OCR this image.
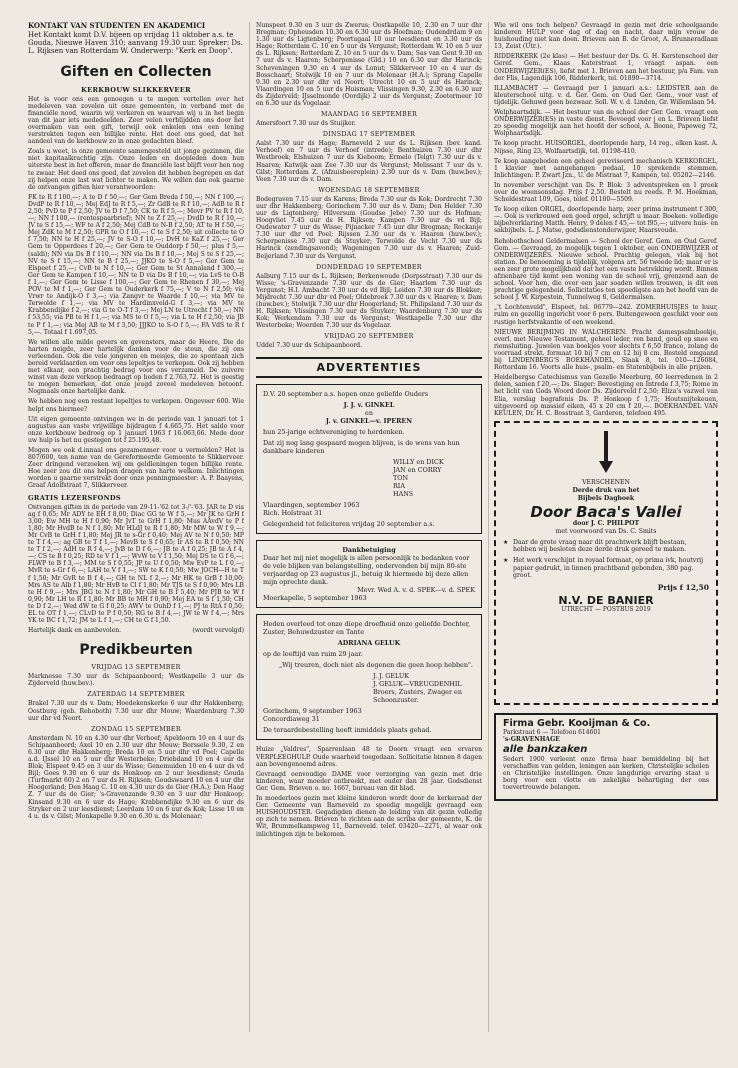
KONTAKT VAN STUDENTEN EN AKADEMICI

Het Kontakt komt D.V. bijeen op vrijdag 11 oktober a.s. te Gouda, Nieuwe Haven 310; aanvang 19.30 uur. Spreker: Ds. L. Rijksen van Rotterdam W. Onderwerp: "Kerk en Doop".

Giften en Collecten
KERKBOUW SLIKKERVEER

Het is voor ons een genoegen u te mogen vertellen over het medeleven van zovelen uit onze gemeenten, in verband met de financiële nood, waarin wij verkeren en waarvan wij u in het begin van dit jaar iets mededeelden. Zeer velen verblijdden ons door het overmaken van een gift, terwijl ook enkelen ons een lening verstrekten tegen een billijke rente. Het doet ons goed, dat het aandeel van de kerkbouw zo in onze gedachten bleef.

Zoals u weet, is onze gemeente samengesteld uit jonge gezinnen, die niet kapitaalkrachtig zijn. Onze leden en doopleden doen hun uiterste best in het offeren, maar de financiële last blijft voor hen nog te zwaar. Het deed ons goed, dat zovelen dit hebben begrepen en dat zij helpen onze last wat lichter te maken. We willen dan ook gaarne de ontvangen giften hier verantwoorden:

FK te R f 100,—; A te D f 50,—; Ger Gem Breda f 50,—; NN f 100,—; DvdP te R f 10,—; Mej EdJ te R f 5,—; Zr GdB te R f 10,—; AdB te R f 2,50; PvD te P f 2,50; JV te D f 7,50; CK te R f 5,—; Mevr PV te R f 10,—; NN f 100,— (rentespaarbrief); NN te Z f 25,—; DvdD te R f 10,—; JV te S f 15,—; WF te A f 2,50; Mej CdB te N-B f 2,50; AT te H f 50,—; Mej ZdK te M f 2,50; GPR te O f 10,—; C te S f 2,50; uit collecte te O f 7,50; NN te H f 25,—; JV te S-O f 10,—; DvH te KaZ f 25,—; Ger Gem te Opperdoes f 20,—; Ger Gem te Ouddorp f 50,—; plus f 5,— (saldi); NN via Ds B f 110,—; NN via Ds B f 10,—; Mej S te S f 25,—; NV te S f 15,—; NN te B f 25,—; JJKO te S-O f 5,—; Ger Gem te Elspeet f 25,—; CvB te N f 10,—; Ger Gem te St Annaland f 300,—; Ger Gem te Kampen f 10,—; NN te D via Ds B f 10,—; via LvS te O-B f 1,—; Ger Gem te Lisse f 100,—; Ger Gem te Rhenen f 30,—; Mej POV te M f 1,—; Ger Gem te Ouderkerk f 75,—; V te N f 2,50; via Vrwr te Andijk-O f 3,—; via Zangvr te Waarde f 10,—; via MV te Terwolde f 1,—; via MV te Hardinxveld-G f 3,—; via MV te Krabbendijke f 2,—; via G te O-T f 3,—; Mej LN te Utrecht f 50,—; NN f 53,55; via PB te H f 1,—; via MS te O f 5,—; via L te H f 2,50; via JB te P f 1,—; via Mej AB te M f 3,50; JJJKO te S-O f 5,—; FA VdS te R f 5,—. Totaal f 1.697,05.

We willen alle milde gevers en gevensters, maar de Heere, Die de harten neigde, zeer hartelijk danken voor de steun, die zij ons verleenden. Ook die vele jongeren en meisjes, die zo spontaan zich bereid verklaarden om voor ons lepeltjes te verkopen. Ook zij hebben met elkaar, een prachtig bedrag voor ons verzameld. De zuivere winst van deze verkoop bedraagt op heden f 2.763,72. Het is geestig te mogen bemerken, dat onze jeugd zoveel medeleven betoont. Nogmaals onze hartelijke dank.

We hebben nog een restant lepeltjes te verkopen. Ongeveer 600. Wie helpt ons hiermee?

Uit eigen gemeente ontvingen we in de periode van 1 januari tot 1 augustus aan vaste vrijwillige bijdragen f 4.665,75. Het saldo voor onze kerkbouw bedroeg op 1 januari 1963 f 16.063,66. Mede door uw hulp is het nu gestegen tot f 25.195,48.

Mogen we ook d.innaal ons gezamenmer voor u vermelden? Het is 807/600, ten name van de Gereformeerde Gemeente te Slikkerveer. Zeer dringend verzoeken wij om geldleningen tegen billijke rente. Hoe zeer zou dit ons helpen dragen van harte welkom. Inlichtingen worden u gaarne verstrekt door onze penningmeester: A. P. Baayens, Graaf Adolfstraat 7, Slikkerveer.

GRATIS LEZERSFONDS

Ontvangen giften in de periode van 29-11-'62 tot 3-/'-'63. JAR te D via ag f 0,65; Mr ADY te EH f 8,00; Diac GG te W f 5,—; Mr JK te GrH f 3,00; Ew MH te H f 0,90; Mr JvT te GrH f 1,80; Mus AAvdV te P f 1,80; Mr HvdB te N f 1,80; Mr HLdJ te R f 1,80; Mr MW te W f 9,—; Mr CvB te GrH f 1,80; Mej JR te s-Gr f 0,40; Mej AV te N f 0,50; MP te T f 4,—; ag GB te T f 1,—; MevB te S f 0,65; Ir AS te R f 0,50; NN te T f 2,—; AdH te R f 4,—; JvB te D f 6,—; JB te A f 0,25; JB te A f 4,—; CS te B f 0,25; RD te V f 1,—; WvW te V f 1,50; Mej DS te G f 6,—; FLWP te B f 3,—; MM te S f 0,55; JP te U f 0,50; Mw EvP te L f 0,—; MvR te s-Gr f 6,—; LAH te V f 1,—; SW te K f 0,50; Mw JOCH—H te T f 1,50; Mr GvR te B f 4,—; GH te NL f 2,—; Mr HK te GrB f 10,00; Mrs AS te Alb f 1,80; Mr HvB te Cl f 1,80; Mr TJS te S f 0,90; Mrs LB te H f 9,—; Mrs JBG te N f 1,80; Mr GH te B f 5,40; Mr PJB te W f 0,90; Mr LH te R f 1,80; Mr BB te MH f 0,90; Mej EA te S f 1,50; CH te D f 2,—; Wed dW te G f 0,25; AWV te OuhD f 1,—; PJ te RtA f 0,50; EL te OT f 1,—; CLvD te P f 0,50; RG te B f 4,—; JW te W f 4,—; Mrs YK te BC f 1,72; JM te L f 1,—; CH te G f 1,50.

Hartelijk dank en aanbevolen.	(wordt vervolgd)

Predikbeurten
VRIJDAG 13 SEPTEMBER

Marknesse 7.30 uur ds Schipaanboord; Westkapelle 3 uur ds Zijderveld (huw.bev.).

ZATERDAG 14 SEPTEMBER

Brakel 7.30 uur ds v. Dam; Hoedekenskerke 6 uur dhr Hakkenberg; Oostburg (geb. Rehoboth) 7.30 uur dhr Mouw; Waardenburg 7.30 uur dhr vd Noort.

ZONDAG 15 SEPTEMBER

Amsterdam N. 10 en 4.30 uur dhr Verhoef; Apeldoorn 10 en 4 uur ds Schipaanboord; Axel 10 en 2.30 uur dhr Mouw; Borssele 9.30, 2 en 6.30 uur dhr Hakkenberg; Breda 10 en 5 uur dhr vd Poel; Capelle a.d. IJssel 10 en 5 uur dhr Westerbeke; Driebdand 10 en 4 uur ds Blok; Elspeet 9.45 en 3 uur ds Wisse; Genemuiden 10 en 4 uur ds vd Bijl; Goes 9.30 en 6 uur ds Honkoop en 2 uur leesdienst; Gouda (Turfmarkt 60) 2 en 7 uur ds H. Rijksen; Goudswaard 10 en 4 uur dhr Hoogerland; Den Haag C. 10 en 4.30 uur ds de Gier (H.A.); Den Haag Z. 7 uur ds de Gier; 's-Gravenzande 9.30 en 3 uur dhr Honkoop; Kinsand 9.30 en 6 uur ds Hage; Krabbendijke 9.30 en 6 uur ds Stryker en 2 uur leesdienst; Leerdam 10 en 6 uur ds Kok; Lisse 10 en 4 u. ds v. Gilst; Monkapelle 9.30 en 6.30 u. ds Molenaar;

Nunspeet 9.30 en 3 uur ds Zwerus; Oostkapelle 10, 2.30 en 7 uur dhr Bregman; Opheusden 10.30 en 6.30 uur ds Hoefman; Oudendrdam 9 en 1.30 uur ds Ligtenberg; Poortugaal 10 uur leesdienst en 3.30 uur ds Hage; Rotterdam C. 10 en 5 uur ds Vergunst; Rotterdam W. 10 en 5 uur ds L. Rijksen; Rotterdam Z. 10 en 5 uur ds v. Dam; Sas van Gent 9.30 en 7 uur ds v. Haaren; Scherpenisse (Gld.) 10 en 6.30 uur dhr Harinck; Scheveningen 9.30 en 4 uur ds Lonut; Slikkerveer 10 en 4 uur ds Bosschaart; Stolwijk 10 en 7 uur ds Molenaar (H.A.); Sprang Capelle 9.30 en 2.30 uur dhr vd Noort; Utrecht 10 en 5 uur ds Harinck; Vlaardingen 10 en 5 uur ds Huisman; Vlissingen 9.30, 2.30 en 6.30 uur ds Zijderveld; IJsselmonde (Oordijk) 2 uur ds Vergunst; Zoetermeer 10 en 6.30 uur ds Vogelaar.

MAANDAG 16 SEPTEMBER

Amersfoort 7.30 uur ds Stuijker.

DINSDAG 17 SEPTEMBER

Aalst 7.30 uur ds Hage; Barneveld 2 uur ds L. Rijksen (bev. kand. Verhoef) en 7 uur ds Verhoef (intrede); Benthuizen 7.30 uur dhr Westbroek; Elshuizen 7 uur ds Kieboom; Ermelo (Telgt) 7.30 uur ds v. Haaren; Katwijk aan Zee 7.30 uur ds Vergunst; Melissant 7 uur ds v. Gilst; Rotterdam Z. (Afzuisbeereplein) 2.30 uur ds v. Dam (huw.bev.); Veen 7.30 uur ds v. Dam.

WOENSDAG 18 SEPTEMBER

Bodegraven 7.15 uur ds Karens; Breda 7.30 uur ds Kok; Dordrecht 7.30 uur dhr Hakkenberg; Gorinchem 7.30 uur ds v. Dam; Den Helder 7.30 uur ds Ligtenberg; Hilversum (Goudse Jebe) 7.30 uur ds Hofman; Hoogvliet 7.45 uur ds H. Rijksen; Kampen 7.30 uur ds vd Bijl; Oudewater 7 uur ds Wisse; Pijnacker 7.45 uur dhr Bregman; Rockanje 7.30 uur dhr vd Poel; Rijssen 2.30 uur ds v. Haaren (huw.bev.); Scherpenisse 7.30 uur ds Stuyker; Terwolde de Vecht 7.30 uur ds Harinck (zendingsavond); Wageningen 7.30 uur ds v. Haaren; Zuid-Beijerland 7.30 uur ds Vergunst.

DONDERDAG 19 SEPTEMBER

Aalburg 7.15 uur ds L. Rijksen; Berkenwoude (Dorpsstraat) 7.30 uur ds Wisse; 's-Gravenzande 7.30 uur ds de Gier; Haarlem 7.30 uur ds Vergunst; H.I. Ambacht 7.30 uur ds vd Bijl; Leiden 7.30 uur ds Blokker; Mijdrecht 7.30 uur dhr vd Poel; Oldebroek 7.30 uur ds v. Haaren; v. Dam (huw.bev.); Stolwijk 7.30 uur dhr Hoogerland; St. Philipsland 7.30 uur ds H. Rijksen; Vlissingen 7.30 uur ds Stuyker; Waardenburg 7.30 uur ds Kok; Werkendam 7.30 uur ds Vergunst; Westkapelle 7.30 uur dhr Westerbeke; Woerden 7.30 uur ds Vogelaar.

VRIJDAG 20 SEPTEMBER

Uddel 7.30 uur ds Schipaanboord.

ADVERTENTIES

D.V. 20 september a.s. hopen onze geliefde Ouders

J. J. v. GINKEL

en

J. v. GINKEL—v. IPEREN

hun 25-jarige echtvereniging te herdenken.

Dat zij nog lang gespaard mogen blijven, is de wens van hun dankbare kinderen

WILLY en DICK

JAN en CORRY

TON

RIA

HANS

Vlaardingen, september 1963

Rich. Holstraat 31

Gelegenheid tot feliciteren vrijdag 20 september a.s.

Dankbetuiging

Daar het mij niet mogelijk is allen persoonlijk te bedanken voor de vele blijken van belangstelling, ondervonden bij mijn 80-ste verjaardag op 23 augustus jl., betuig ik hiermede bij deze allen mijn oprechte dank.

Mevr. Wed A. v. d. SPEK—v. d. SPEK

Moerkapelle, 5 september 1963

Heden overleed tot onze diepe droefheid onze geliefde Dochter, Zuster, Behuwdzuster en Tante

ADRIANA GELUK

op de leeftijd van ruim 29 jaar.

„Wij treuren, doch niet als degenen die geen hoop hebben".

J. J. GELUK

J. GELUK—VREUGDENHIL

Broers, Zusters, Zwager en Schoonzuster.

Gorinchem, 9 september 1963

Concordiaweg 31

De teraardebestelling heeft inmiddels plaats gehad.

Huize „Valdres", Sparrenlaan 48 te Doorn vraagt een ervaren VERPLEEGHULP. Oude waarheid toegedaan. Sollicitatie binnen 8 dagen aan bovengenoemd adres.

Gevraagd eenvoudige DAME voor verzorging van gezin met drie kinderen, waar moeder ontbreekt, met ouder dan 28 jaar. Godsdienst Ger. Gem. Brieven o. no. 1667, bureau van dit blad.

In moederloos gezin met kleine kinderen wordt door de kerkeraad der Ger. Gemeente van Barneveld zo spoedig mogelijk gevraagd een HUISHOUDSTER. Gegadigden dienen de leiding van dit gezin volledig op zich te nemen. Brieven te richten aan de scriba der gemeente, K. de Wit, Brummelkampweg 11, Barneveld. telef. 03420—2271, al waar ook inlichtingen zijn te bekomen.

Wie wil ons toch helpen? Gevraagd in gezin met drie schoolgaande kinderen HULP voor dag of dag en nacht, daar mijn vrouw de huishouding niet kan doen. Brieven aan B. de Groot, A. Brunneradlaan 13, Zeist (Utr.).

RIDDERKERK (2e klas) — Het bestuur der Ds. G. H. Kerstenschool der Geref. Gem., Klaas Katerstraat 1, vraagt aspan. een ONDERWIJZER(ES), liefst met 1. Brieven aan het bestuur, p/a Fam. van der Flis, Lagendijk 106, Ridderkerk, tel. 01890—3714.

ILLAMBACHT — Gevraagd per 1 januari a.s.: LEIDSTER aan de kleuterschool uitg. v. d. Ger. Gem. en Oud Ger. Gem., voor vast of tijdelijk. Gehuwd geen bezwaar. Soll. W. v. d. Linden, Gr. Willemlaan 54.

Welphaartsdijk. — Het bestuur van de school der Ger. Gem. vraagt een ONDERWIJZER(ES) in vaste dienst. Bevoegd voor j en L. Brieven liefst zo spoedig mogelijk aan het hoofd der school, A. Boone, Papeweg 72, Wolphaartsdijk.

Te koop pracht. HUISORGEL, doorlopende harp, 14 reg., elken kast. A. Nijsse, Ring 23, Wolfaartsdijk, tel. 01198-410.

Te koop aangeboden een geheel gereviseerd mechanisch KERKORGEL, 1 klavier met aangehangen pedaal, 10 sprekende stemmen. Inlichtingen: P. Zwart Jzn., U. de Mistraat 7, Kampen, tel. 05202—2146.

In november verschijnt van Ds. P. Blok: 3 adventspreken en 1 preek over de woensonsdag. Prijs f 2,50. Bestelt nu reeds. P. M. Hoekman, Scheldestraat 109, Goes, telef. 01100—5509.

Te koop eiken ORGEL, doorlopende harp, zeer prima instrument f 300,—. Ook is verkrouwd een goed orgel, schrijft u maar. Boeken: volledige bijbelverklaring Matth. Henry, 9 delen f 45,— tot f95,—; uitvere huis- en sakbijbels. L. J. Matse, godsdienstonderwijzer, Haarsvoude.

Rehobothschool Geldermalsen — School der Geref. Gem. en Oud Geref. Gem. — Gevraagd, zo mogelijk tegen 1 oktober, een ONDERWIJZER of ONDERWIJZERES. Nieuwe school. Prachtig gelegen, vlak bij het station. De benoeming is tijdelijk, volgens art. 56 tweede lid; maar er is een zeer grote mogelijkheid dat het een vaste betrekking wordt. Binnen afzienbare tijd komt een woning van de school vrij, grenzend aan de school. Voor hen, die over een jaar soaden willen trouwen, is dit een prachtige gelegenheid. Sollicitaties ten spoedigste aan het hoofd van de school J. W. Kirpestein, Tunnelweg 8, Geldermalsen.

„'t Lochtenveld", Elspeet, tel. 06779—242. ZOMERHUISJES te huur, ruim en gezellig ingericht voor 6 pers. Buitengewoon geschikt voor een rustige herfstvakantie of een weekend.

NIEUWE BERIJMING IN WALCHEREN. Pracht damespsalmboekje, everl. met Nieuwe Testament, geheel leder, ren band, goud op snee en riemsluiting. Juwelen van boekjes voor slechts f 6,50 franco, zolang de voorraad strekt. formaat 10 bij 7 cm en 12 bij 8 cm. Besteld omgaand bij LINDENBERG'S BOEKHANDEL, Slaak 8, tel. 010—126084, Rotterdam 16. Voorts alle huis-, psalm- en Statenbijbels in alle prijzen.

Heidelbergse Catechismus van Gezelle Meerburg, 60 leerredenen in 2 delen, samen f 20,—; Ds. Slager: Bevestiging en Intrede f 3,75; Rome in het licht van Gods Woord door Ds. Zijderveld f 2,50; Eliza's vazwel van Elia, verslag begrafenis Ds. P. Honkoop f 1,75; Houtsnijtekeuen, uitgevoerd op massief eiken, 45 x 20 cm f 20,—. BOEKHANDEL VAN KEULEN, Dr. H. C. Bosstraat 3, Garderen, telefoon 495.

VERSCHENEN

Derde druk van het

Bijbels Dagboek

Door Baca's Vallei

door J. C. PHILPOT

met voorwoord van Ds. C. Smits

★ Daar de grote vraag naar dit prachtwerk blijft bestaan, hebben wij besloten deze derde druk gereed te maken.

★ Het werk verschijnt in royaal formaat, op prima ivk, houtvrij papier gedrukt, in linnen prachtband gebonden, 380 pag. groot.

Prijs f 12,50

N.V. DE BANIER

UTRECHT — POSTBUS 2019

Firma Gebr. Kooijman & Co.

Parkstraat 6 — Telefoon 614601

's-GRAVENHAGE

alle bankzaken

Sedert 1900 verleent onze firma haar bemiddeling bij het verschaffen van gelden, leningen aan kerken, Christelijke scholen en Christelijke instellingen. Onze langdurige ervaring staat u borg voor een vlotte en zakelijke behartiging der ons toevertrouwde belangen.
